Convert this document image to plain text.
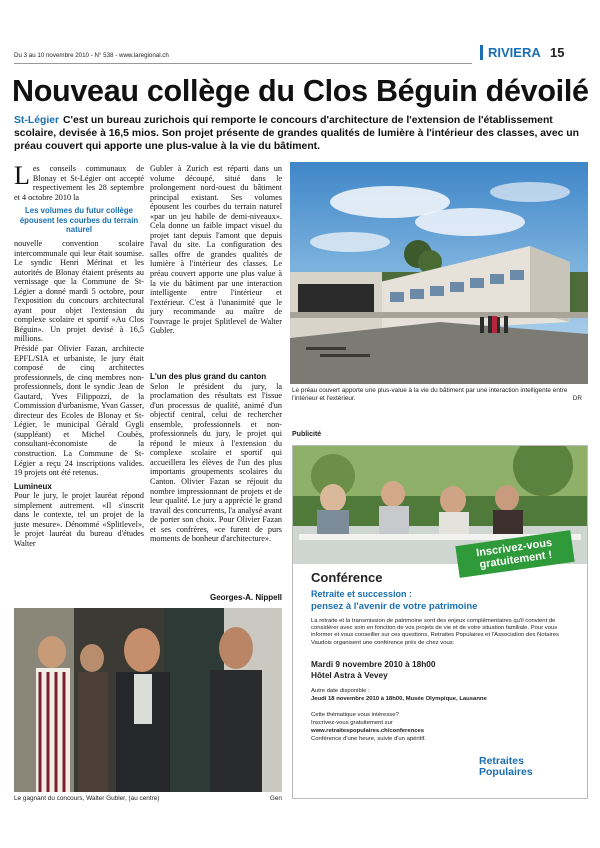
Du 3 au 10 novembre 2010 - N° 538 - www.laregional.ch	RIVIERA 15
Nouveau collège du Clos Béguin dévoilé
St-Légier C'est un bureau zurichois qui remporte le concours d'architecture de l'extension de l'établissement scolaire, devisée à 16,5 mios. Son projet présente de grandes qualités de lumière à l'intérieur des classes, avec un préau couvert qui apporte une plus-value à la vie du bâtiment.

Les conseils communaux de Blonay et St-Légier ont accepté respectivement les 28 septembre et 4 octobre 2010 la

Les volumes du futur collège épousent les courbes du terrain naturel

nouvelle convention scolaire intercommunale qui leur était soumise. Le syndic Henri Mérinat et les autorités de Blonay étaient présents au vernissage que la Commune de St-Légier a donné mardi 5 octobre, pour l'exposition du concours architectural ayant pour objet l'extension du complexe scolaire et sportif «Au Clos Béguin». Un projet devisé à 16,5 millions.

Présidé par Olivier Fazan, architecte EPFL/SIA et urbaniste, le jury était composé de cinq architectes professionnels, de cinq membres non-professionnels, dont le syndic Jean de Gautard, Yves Filippozzi, de la Commission d'urbanisme, Yvan Gasser, directeur des Ecoles de Blonay et St-Légier, le municipal Gérald Gygli (suppléant) et Michel Coubès, consultant-économiste de la construction. La Commune de St-Légier a reçu 24 inscriptions valides. 19 projets ont été retenus.

Lumineux

Pour le jury, le projet lauréat répond simplement autrement. «Il s'inscrit dans le contexte, tel un projet de la juste mesure». Dénommé «Splitlevel», le projet lauréat du bureau d'études Walter

Gubler à Zurich est réparti dans un volume découpé, situé dans le prolongement nord-ouest du bâtiment principal existant. Ses volumes épousent les courbes du terrain naturel «par un jeu habile de demi-niveaux». Cela donne un faible impact visuel du projet tant depuis l'amont que depuis l'aval du site. La configuration des salles offre de grandes qualités de lumière à l'intérieur des classes. Le préau couvert apporte une plus value à la vie du bâtiment par une interaction intelligente entre l'intérieur et l'extérieur. C'est à l'unanimité que le jury recommande au maître de l'ouvrage le projet Splitlevel de Walter Gubler.

L'un des plus grand du canton

Selon le président du jury, la proclamation des résultats est l'issue d'un processus de qualité, animé d'un objectif central, celui de rechercher ensemble, professionnels et non-professionnels du jury, le projet qui répond le mieux à l'extension du complexe scolaire et sportif qui accueillera les élèves de l'un des plus importants groupements scolaires du Canton. Olivier Fazan se réjouit du nombre impressionnant de projets et de leur qualité. Le jury a apprécié le grand travail des concurrents, l'a analysé avant de porter son choix. Pour Olivier Fazan et ses confrères, «ce furent de purs moments de bonheur d'architecture».

Georges-A. Nippell
Le préau couvert apporte une plus-value à la vie du bâtiment par une interaction intelligente entre l'intérieur et l'extérieur.	DR
Publicité
Inscrivez-vous gratuitement !
Conférence
Retraite et succession :
pensez à l'avenir de votre patrimoine
La retraite et la transmission de patrimoine sont des enjeux complémentaires qu'il convient de considérer avec soin en fonction de vos projets de vie et de votre situation familiale. Pour vous informer et vous conseiller sur ces questions, Retraites Populaires et l'Association des Notaires Vaudois organisent une conférence près de chez vous:
Mardi 9 novembre 2010 à 18h00
Hôtel Astra à Vevey
Autre date disponible :
Jeudi 18 novembre 2010 à 18h00, Musée Olympique, Lausanne
Cette thématique vous intéresse?
Inscrivez-vous gratuitement sur
www.retraitespopulaires.ch/conferences
Conférence d'une heure, suivie d'un apéritif.
Retraites
Populaires
Le gagnant du concours, Walter Gubler, (au centre)	Gen
